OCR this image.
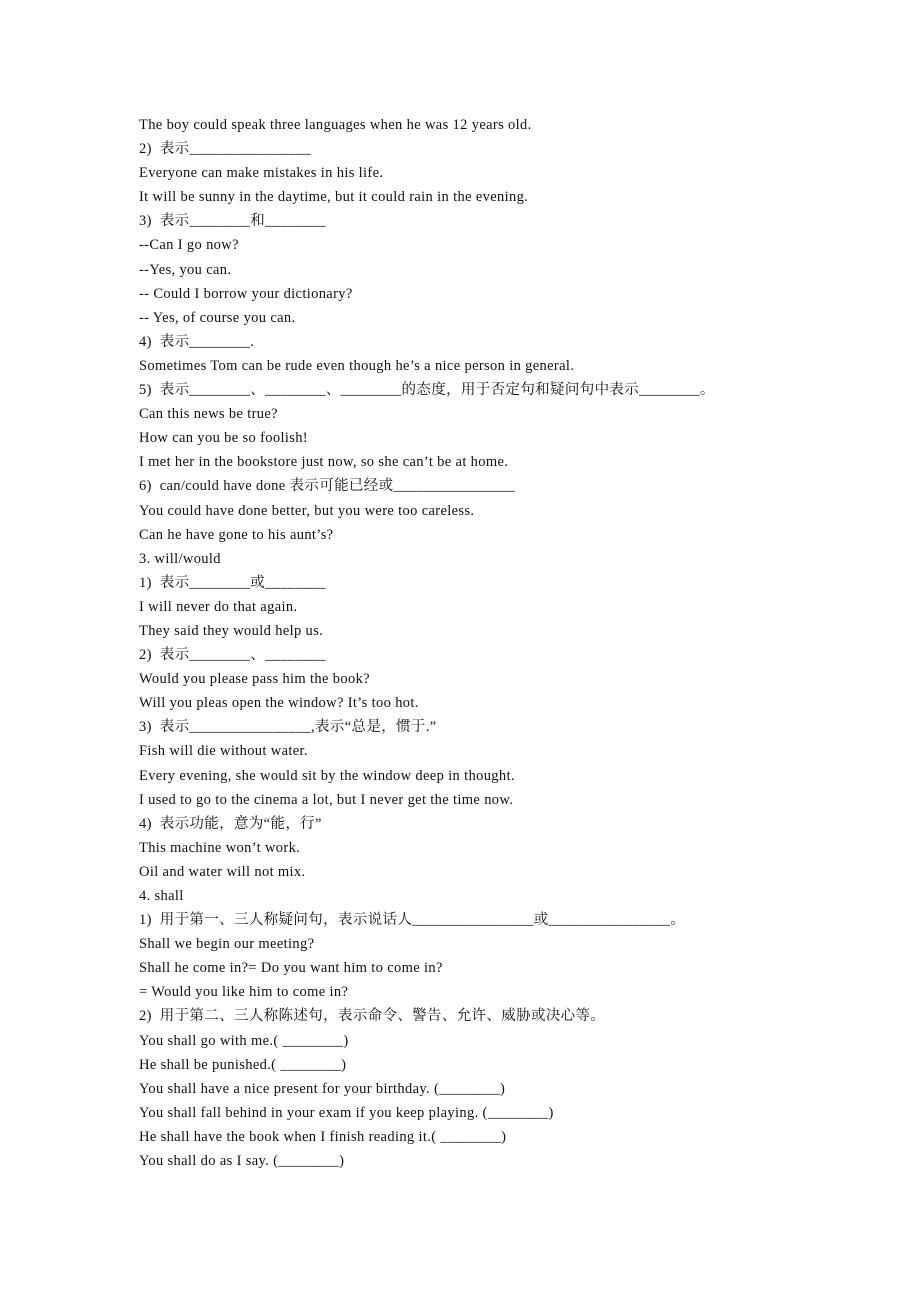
The boy could speak three languages when he was 12 years old.
2)  表示________________
Everyone can make mistakes in his life.
It will be sunny in the daytime, but it could rain in the evening.
3)  表示________和________
--Can I go now?
--Yes, you can.
-- Could I borrow your dictionary?
-- Yes, of course you can.
4)  表示________.
Sometimes Tom can be rude even though he’s a nice person in general.
5)  表示________、________、________的态度，用于否定句和疑问句中表示________。
Can this news be true?
How can you be so foolish!
I met her in the bookstore just now, so she can’t be at home.
6)  can/could have done 表示可能已经或________________
You could have done better, but you were too careless.
Can he have gone to his aunt’s?
3. will/would
1)  表示________或________
I will never do that again.
They said they would help us.
2)  表示________、________
Would you please pass him the book?
Will you pleas open the window? It’s too hot.
3)  表示________________,表示“总是，惯于.”
Fish will die without water.
Every evening, she would sit by the window deep in thought.
I used to go to the cinema a lot, but I never get the time now.
4)  表示功能，意为“能，行”
This machine won’t work.
Oil and water will not mix.
4. shall
1)  用于第一、三人称疑问句，表示说话人________________或________________。
Shall we begin our meeting?
Shall he come in?= Do you want him to come in?
= Would you like him to come in?
2)  用于第二、三人称陈述句，表示命令、警告、允许、威胁或决心等。
You shall go with me.( ________)
He shall be punished.( ________)
You shall have a nice present for your birthday. (________)
You shall fall behind in your exam if you keep playing. (________)
He shall have the book when I finish reading it.( ________)
You shall do as I say. (________)
